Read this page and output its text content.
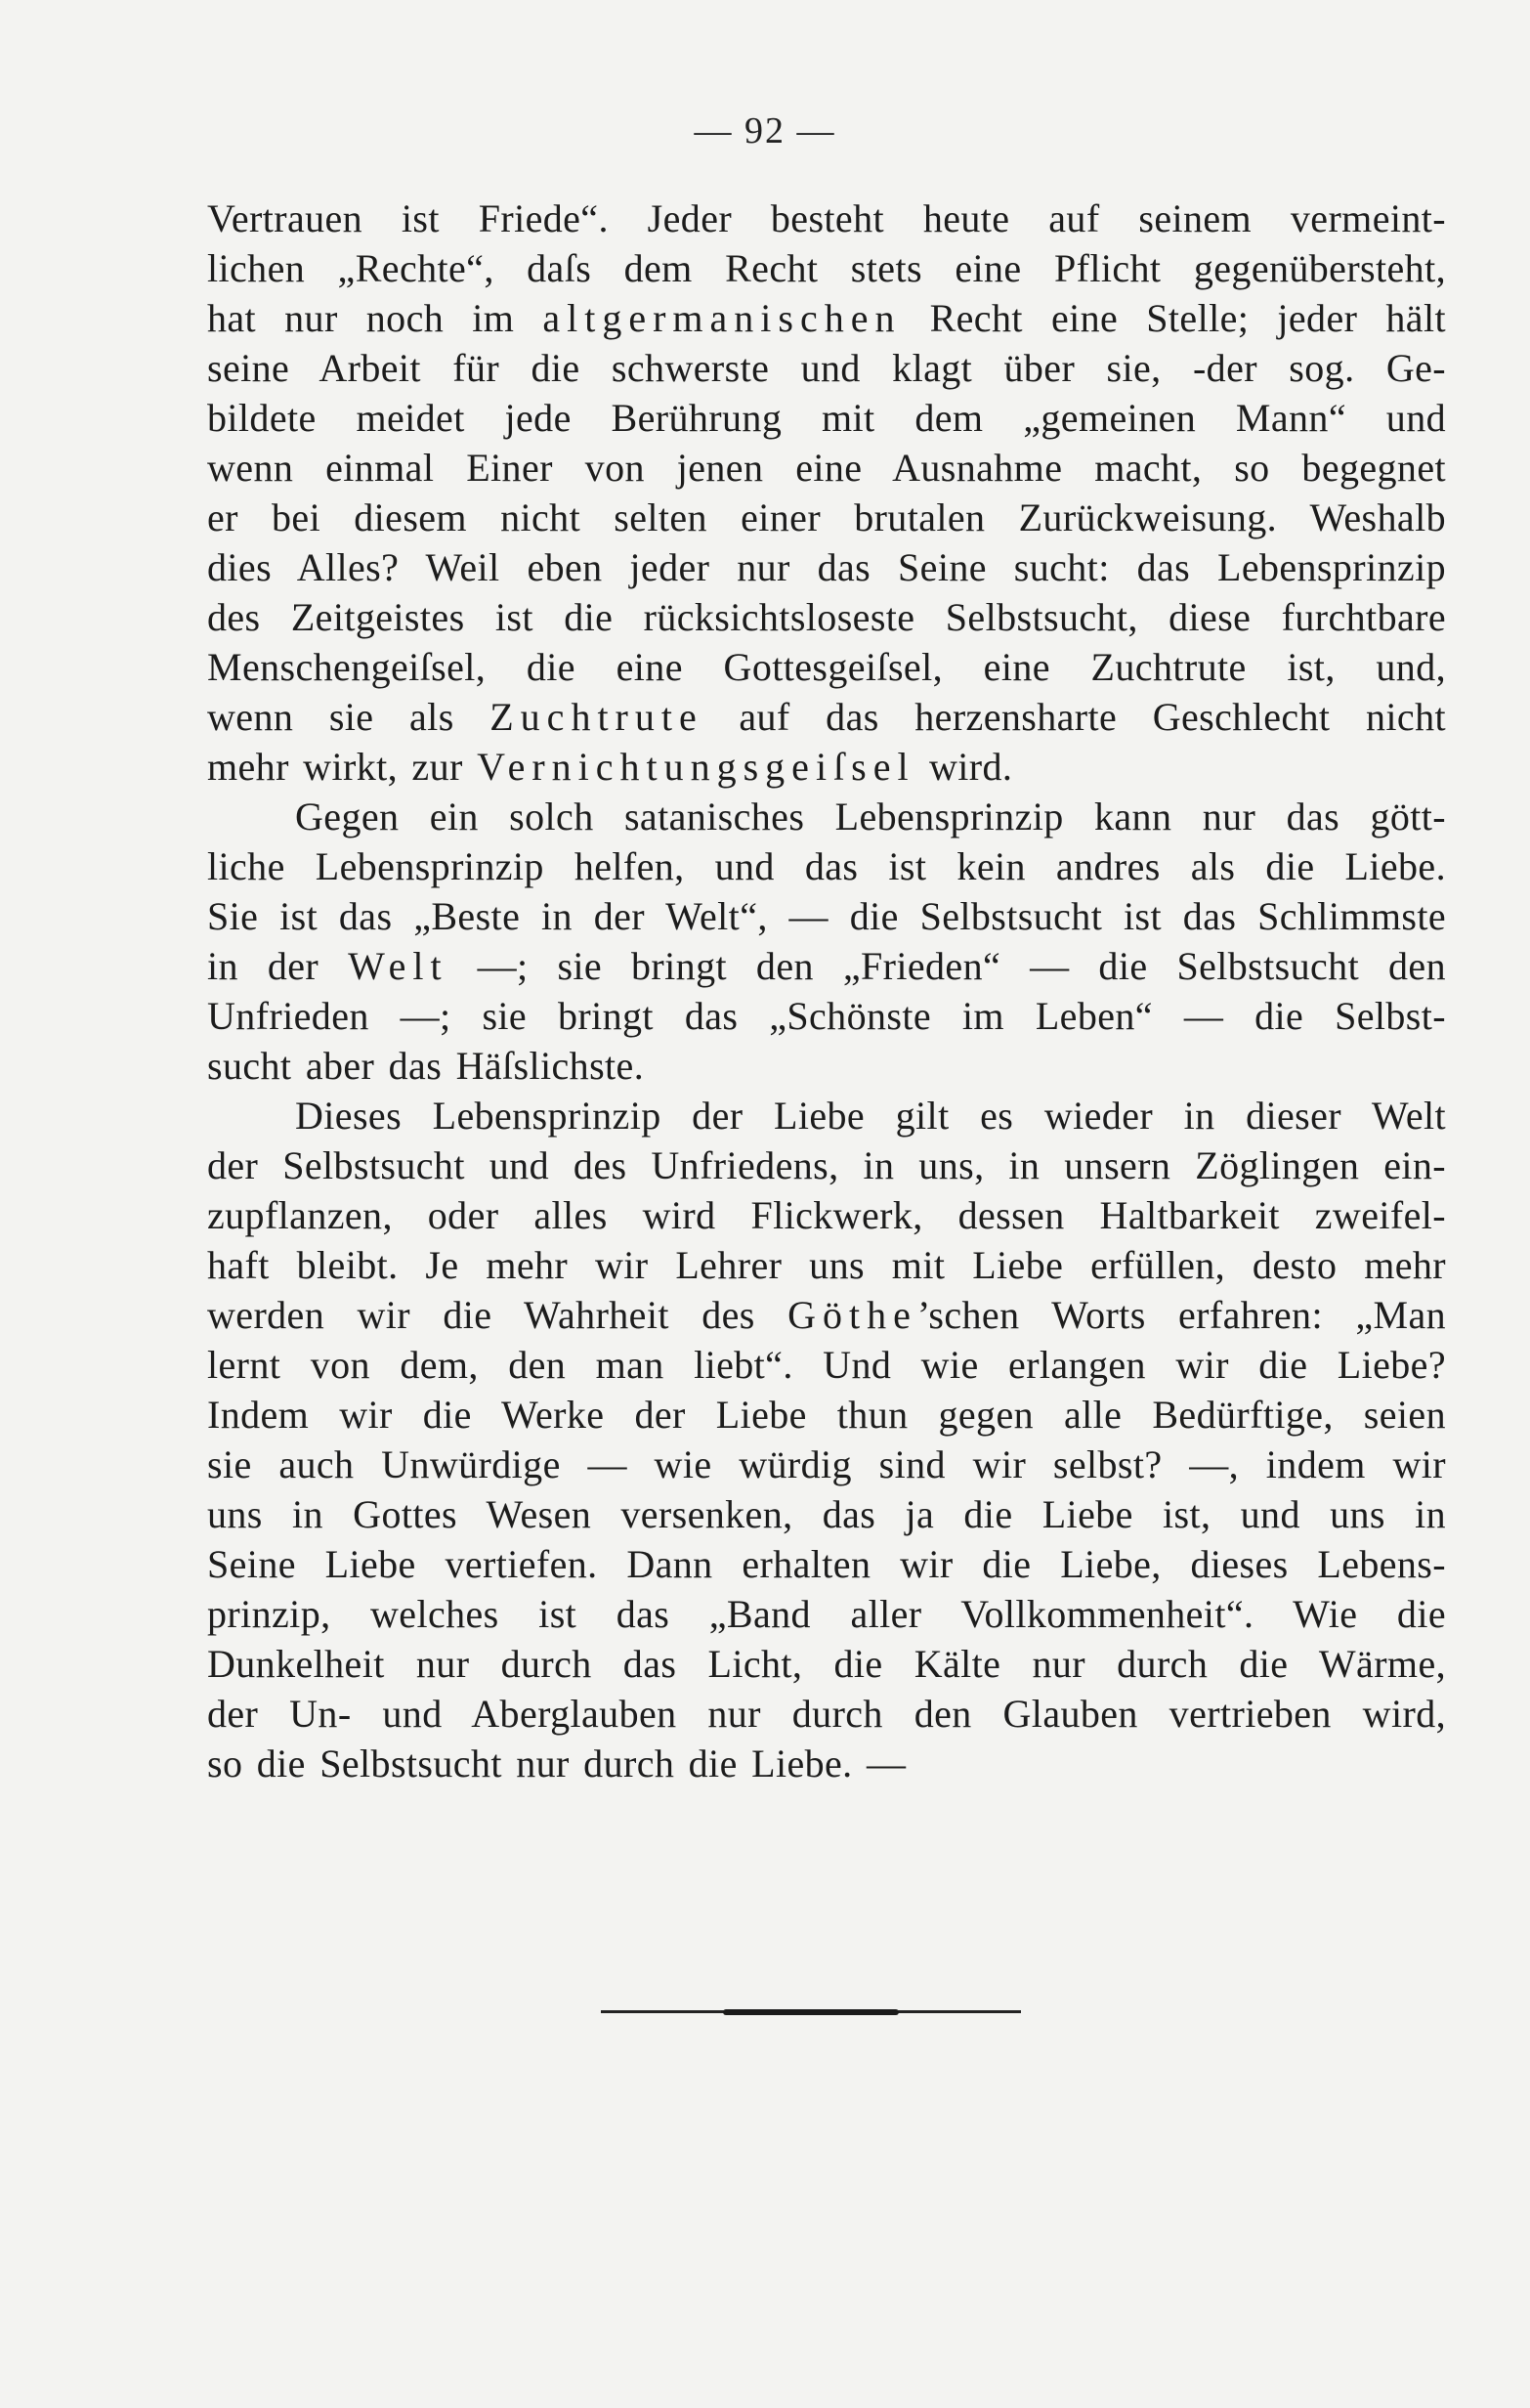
— 92 —
Vertrauen ist Friede“. Jeder besteht heute auf seinem vermeint-
lichen „Rechte“, daſs dem Recht stets eine Pflicht gegenübersteht,
hat nur noch im altgermanischen Recht eine Stelle; jeder hält
seine Arbeit für die schwerste und klagt über sie, -der sog. Ge-
bildete meidet jede Berührung mit dem „gemeinen Mann“ und
wenn einmal Einer von jenen eine Ausnahme macht, so begegnet
er bei diesem nicht selten einer brutalen Zurückweisung. Weshalb
dies Alles? Weil eben jeder nur das Seine sucht: das Lebensprinzip
des Zeitgeistes ist die rücksichtsloseste Selbstsucht, diese furchtbare
Menschengeiſsel, die eine Gottesgeiſsel, eine Zuchtrute ist, und,
wenn sie als Zuchtrute auf das herzensharte Geschlecht nicht
mehr wirkt, zur Vernichtungsgeiſsel wird.
Gegen ein solch satanisches Lebensprinzip kann nur das gött-
liche Lebensprinzip helfen, und das ist kein andres als die Liebe.
Sie ist das „Beste in der Welt“, — die Selbstsucht ist das Schlimmste
in der Welt —; sie bringt den „Frieden“ — die Selbstsucht den
Unfrieden —; sie bringt das „Schönste im Leben“ — die Selbst-
sucht aber das Häſslichste.
Dieses Lebensprinzip der Liebe gilt es wieder in dieser Welt
der Selbstsucht und des Unfriedens, in uns, in unsern Zöglingen ein-
zupflanzen, oder alles wird Flickwerk, dessen Haltbarkeit zweifel-
haft bleibt. Je mehr wir Lehrer uns mit Liebe erfüllen, desto mehr
werden wir die Wahrheit des Göthe’schen Worts erfahren: „Man
lernt von dem, den man liebt“. Und wie erlangen wir die Liebe?
Indem wir die Werke der Liebe thun gegen alle Bedürftige, seien
sie auch Unwürdige — wie würdig sind wir selbst? —, indem wir
uns in Gottes Wesen versenken, das ja die Liebe ist, und uns in
Seine Liebe vertiefen. Dann erhalten wir die Liebe, dieses Lebens-
prinzip, welches ist das „Band aller Vollkommenheit“. Wie die
Dunkelheit nur durch das Licht, die Kälte nur durch die Wärme,
der Un- und Aberglauben nur durch den Glauben vertrieben wird,
so die Selbstsucht nur durch die Liebe. —
